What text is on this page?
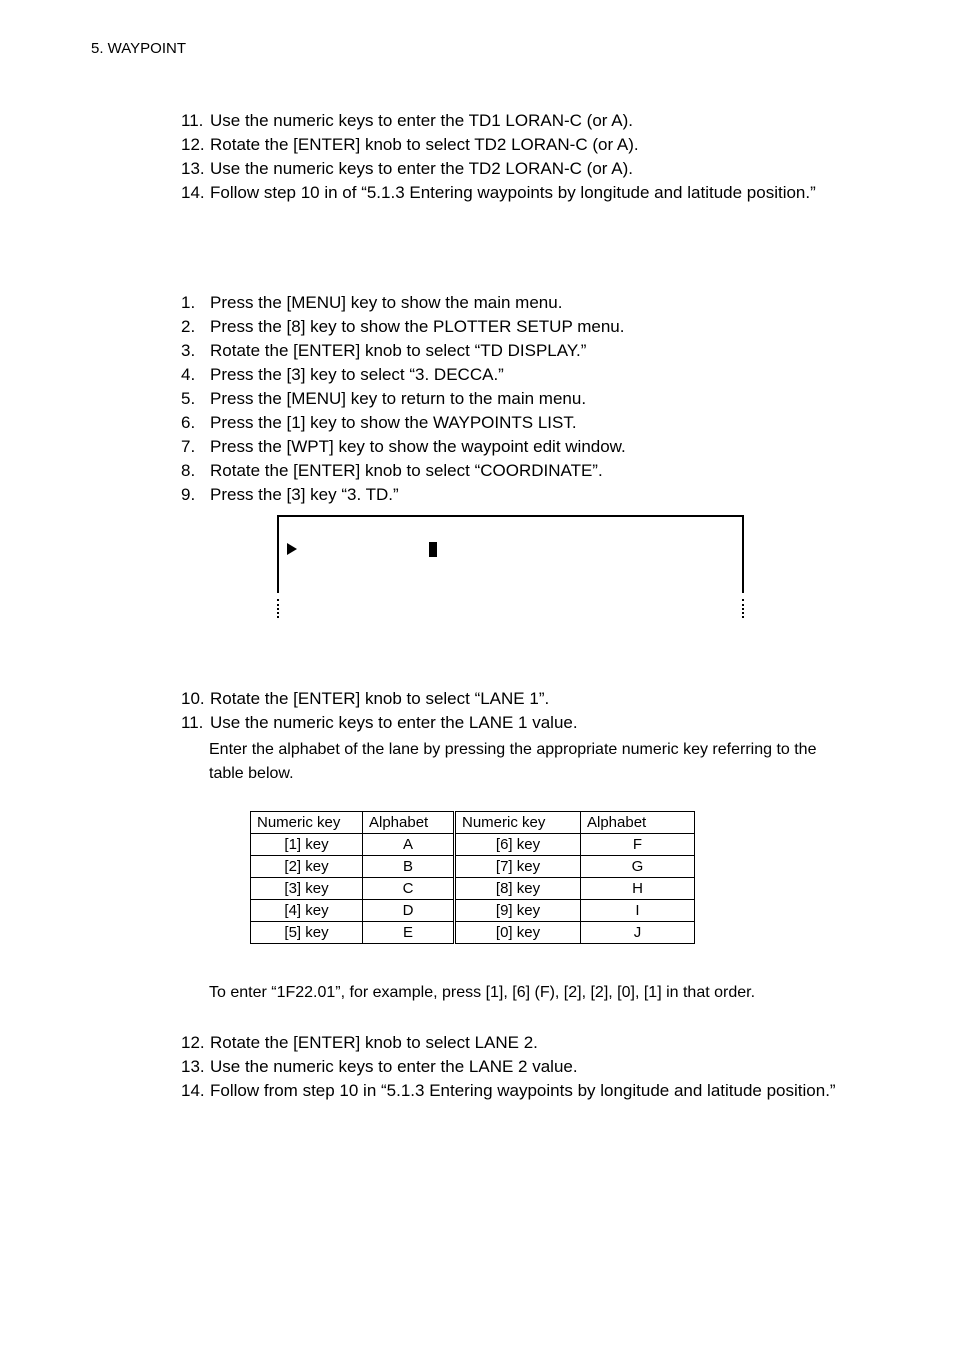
5. WAYPOINT
11. Use the numeric keys to enter the TD1 LORAN-C (or A).
12. Rotate the [ENTER] knob to select TD2 LORAN-C (or A).
13. Use the numeric keys to enter the TD2 LORAN-C (or A).
14. Follow step 10 in of “5.1.3 Entering waypoints by longitude and latitude position.”
1. Press the [MENU] key to show the main menu.
2. Press the [8] key to show the PLOTTER SETUP menu.
3. Rotate the [ENTER] knob to select “TD DISPLAY.”
4. Press the [3] key to select “3. DECCA.”
5. Press the [MENU] key to return to the main menu.
6. Press the [1] key to show the WAYPOINTS LIST.
7. Press the [WPT] key to show the waypoint edit window.
8. Rotate the [ENTER] knob to select “COORDINATE”.
9. Press the [3] key “3. TD.”
10. Rotate the [ENTER] knob to select “LANE 1”.
11. Use the numeric keys to enter the LANE 1 value.
Enter the alphabet of the lane by pressing the appropriate numeric key referring to the table below.
Numeric key	Alphabet	Numeric key	Alphabet
[1] key	A	[6] key	F
[2] key	B	[7] key	G
[3] key	C	[8] key	H
[4] key	D	[9] key	I
[5] key	E	[0] key	J
To enter “1F22.01”, for example, press [1], [6] (F), [2], [2], [0], [1] in that order.
12. Rotate the [ENTER] knob to select LANE 2.
13. Use the numeric keys to enter the LANE 2 value.
14. Follow from step 10 in “5.1.3 Entering waypoints by longitude and latitude position.”
